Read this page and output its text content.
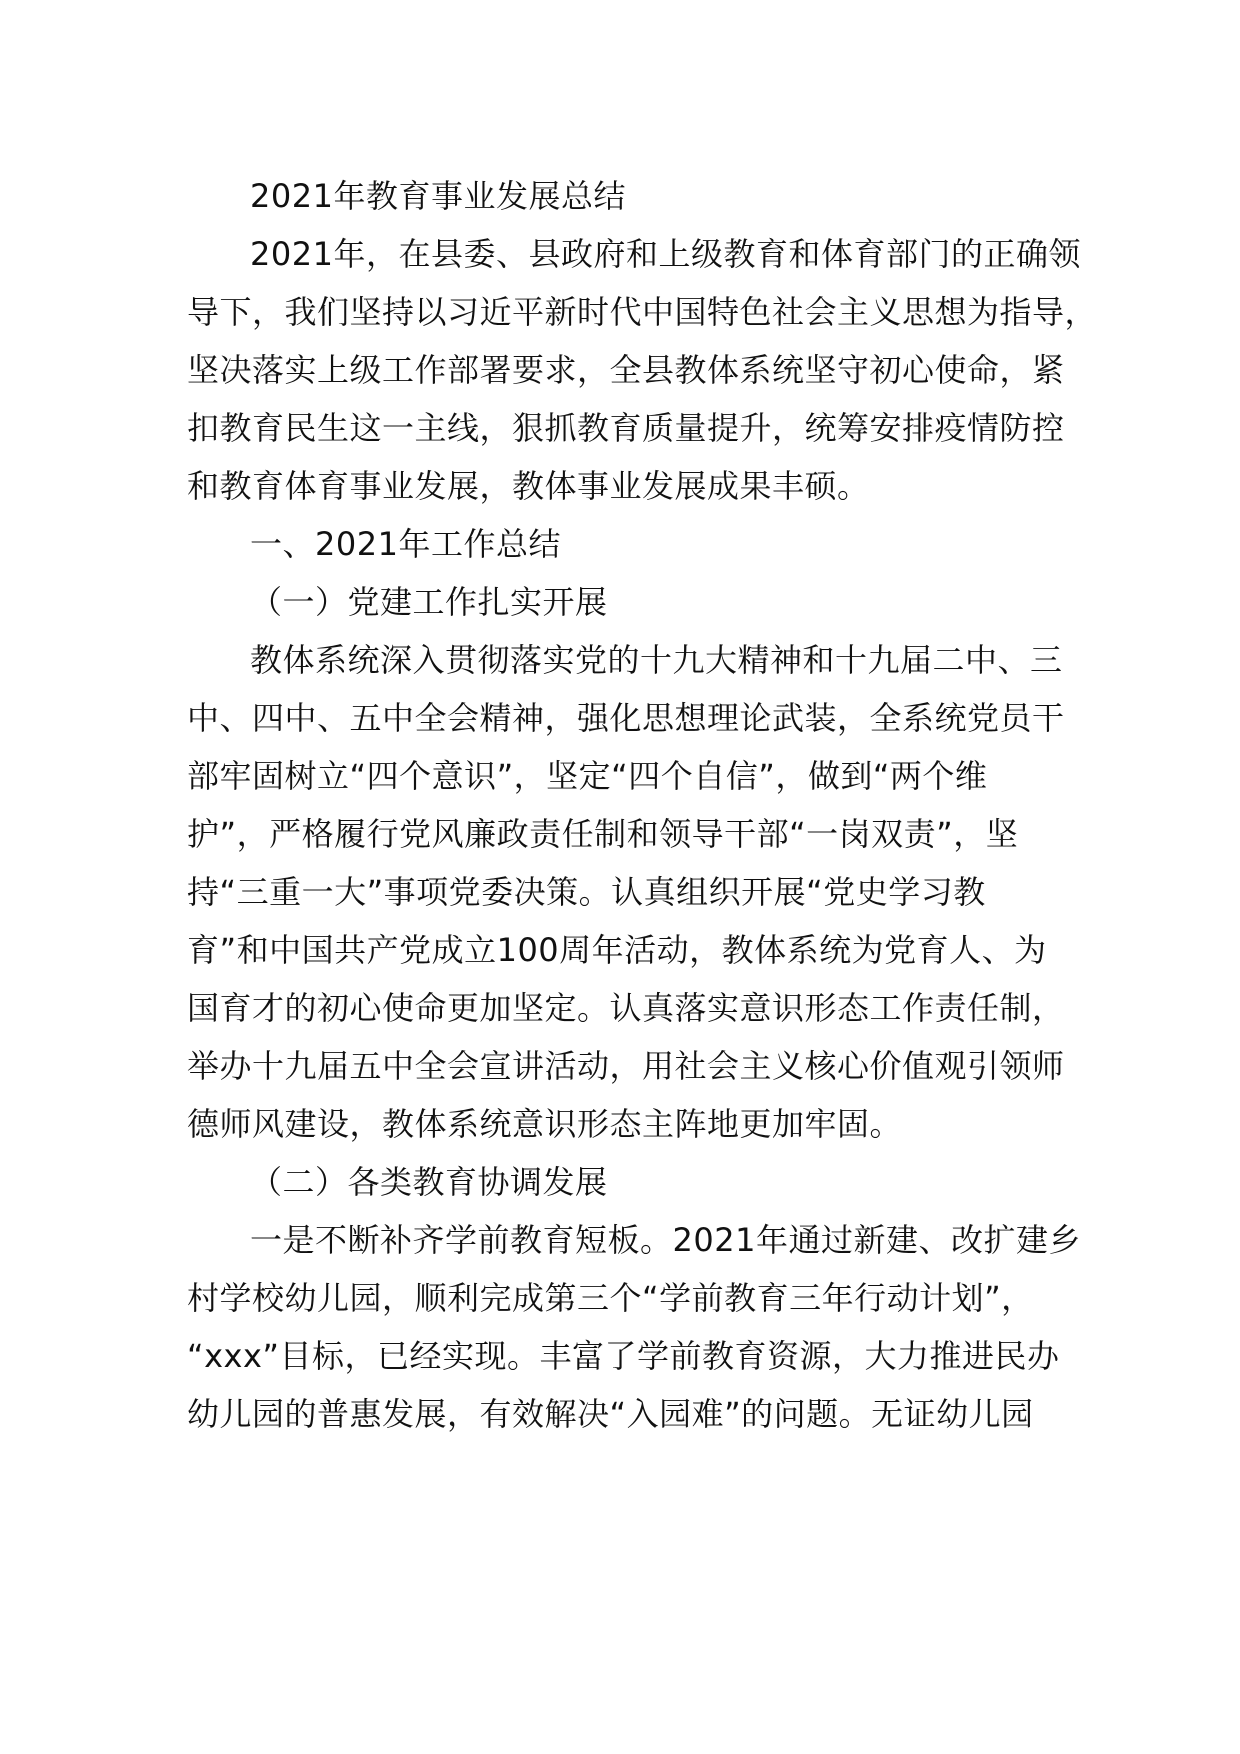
2021年教育事业发展总结
2021年，在县委、县政府和上级教育和体育部门的正确领
导下，我们坚持以习近平新时代中国特色社会主义思想为指导，
坚决落实上级工作部署要求，全县教体系统坚守初心使命，紧
扣教育民生这一主线，狠抓教育质量提升，统筹安排疫情防控
和教育体育事业发展，教体事业发展成果丰硕。
一、2021年工作总结
（一）党建工作扎实开展
教体系统深入贯彻落实党的十九大精神和十九届二中、三
中、四中、五中全会精神，强化思想理论武装，全系统党员干
部牢固树立“四个意识”，坚定“四个自信”，做到“两个维
护”，严格履行党风廉政责任制和领导干部“一岗双责”，坚
持“三重一大”事项党委决策。认真组织开展“党史学习教
育”和中国共产党成立100周年活动，教体系统为党育人、为
国育才的初心使命更加坚定。认真落实意识形态工作责任制，
举办十九届五中全会宣讲活动，用社会主义核心价值观引领师
德师风建设，教体系统意识形态主阵地更加牢固。
（二）各类教育协调发展
一是不断补齐学前教育短板。2021年通过新建、改扩建乡
村学校幼儿园，顺利完成第三个“学前教育三年行动计划”，
“xxx”目标，已经实现。丰富了学前教育资源，大力推进民办
幼儿园的普惠发展，有效解决“入园难”的问题。无证幼儿园
